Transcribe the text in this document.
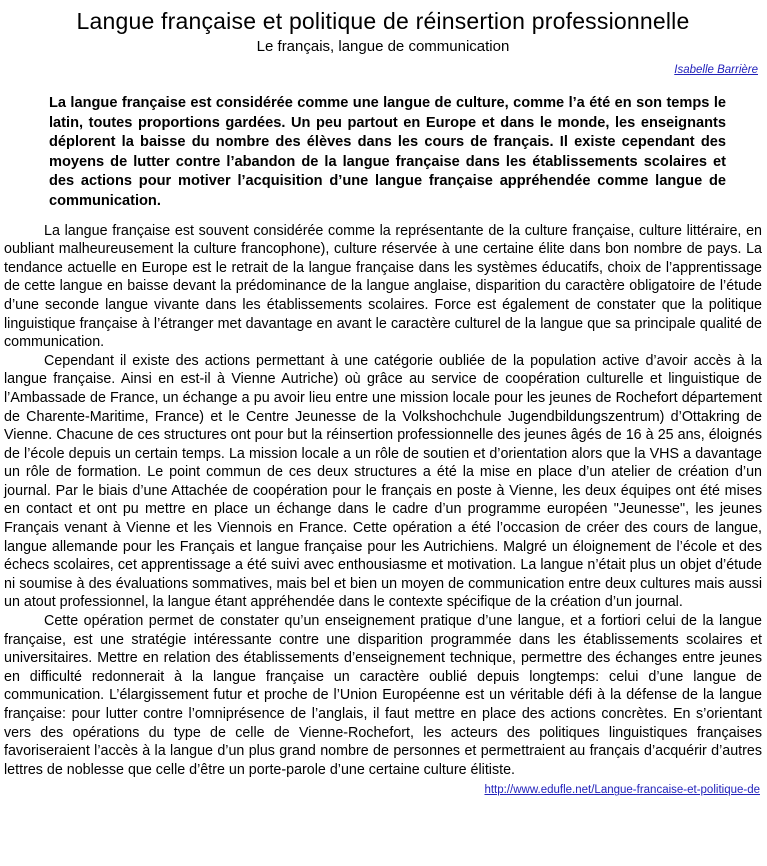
Langue française et politique de réinsertion professionnelle
Le français, langue de communication
Isabelle Barrière

La langue française est considérée comme une langue de culture, comme l’a été en son temps le latin, toutes proportions gardées. Un peu partout en Europe et dans le monde, les enseignants déplorent la baisse du nombre des élèves dans les cours de français. Il existe cependant des moyens de lutter contre l’abandon de la langue française dans les établissements scolaires et des actions pour motiver l’acquisition d’une langue française appréhendée comme langue de communication.

La langue française est souvent considérée comme la représentante de la culture française, culture littéraire, en oubliant malheureusement la culture francophone), culture réservée à une certaine élite dans bon nombre de pays. La tendance actuelle en Europe est le retrait de la langue française dans les systèmes éducatifs, choix de l’apprentissage de cette langue en baisse devant la prédominance de la langue anglaise, disparition du caractère obligatoire de l’étude d’une seconde langue vivante dans les établissements scolaires. Force est également de constater que la politique linguistique française à l’étranger met davantage en avant le caractère culturel de la langue que sa principale qualité de communication.

Cependant il existe des actions permettant à une catégorie oubliée de la population active d’avoir accès à la langue française. Ainsi en est-il à Vienne Autriche) où grâce au service de coopération culturelle et linguistique de l’Ambassade de France, un échange a pu avoir lieu entre une mission locale pour les jeunes de Rochefort département de Charente-Maritime, France) et le Centre Jeunesse de la Volkshochchule Jugendbildungszentrum) d’Ottakring de Vienne. Chacune de ces structures ont pour but la réinsertion professionnelle des jeunes âgés de 16 à 25 ans, éloignés de l’école depuis un certain temps. La mission locale a un rôle de soutien et d’orientation alors que la VHS a davantage un rôle de formation. Le point commun de ces deux structures a été la mise en place d’un atelier de création d’un journal. Par le biais d’une Attachée de coopération pour le français en poste à Vienne, les deux équipes ont été mises en contact et ont pu mettre en place un échange dans le cadre d’un programme européen "Jeunesse", les jeunes Français venant à Vienne et les Viennois en France. Cette opération a été l’occasion de créer des cours de langue, langue allemande pour les Français et langue française pour les Autrichiens. Malgré un éloignement de l’école et des échecs scolaires, cet apprentissage a été suivi avec enthousiasme et motivation. La langue n’était plus un objet d’étude ni soumise à des évaluations sommatives, mais bel et bien un moyen de communication entre deux cultures mais aussi un atout professionnel, la langue étant appréhendée dans le contexte spécifique de la création d’un journal.

Cette opération permet de constater qu’un enseignement pratique d’une langue, et a fortiori celui de la langue française, est une stratégie intéressante contre une disparition programmée dans les établissements scolaires et universitaires. Mettre en relation des établissements d’enseignement technique, permettre des échanges entre jeunes en difficulté redonnerait à la langue française un caractère oublié depuis longtemps: celui d’une langue de communication. L’élargissement futur et proche de l’Union Européenne est un véritable défi à la défense de la langue française: pour lutter contre l’omniprésence de l’anglais, il faut mettre en place des actions concrètes. En s’orientant vers des opérations du type de celle de Vienne-Rochefort, les acteurs des politiques linguistiques françaises favoriseraient l’accès à la langue d’un plus grand nombre de personnes et permettraient au français d’acquérir d’autres lettres de noblesse que celle d’être un porte-parole d’une certaine culture élitiste.

http://www.edufle.net/Langue-francaise-et-politique-de
